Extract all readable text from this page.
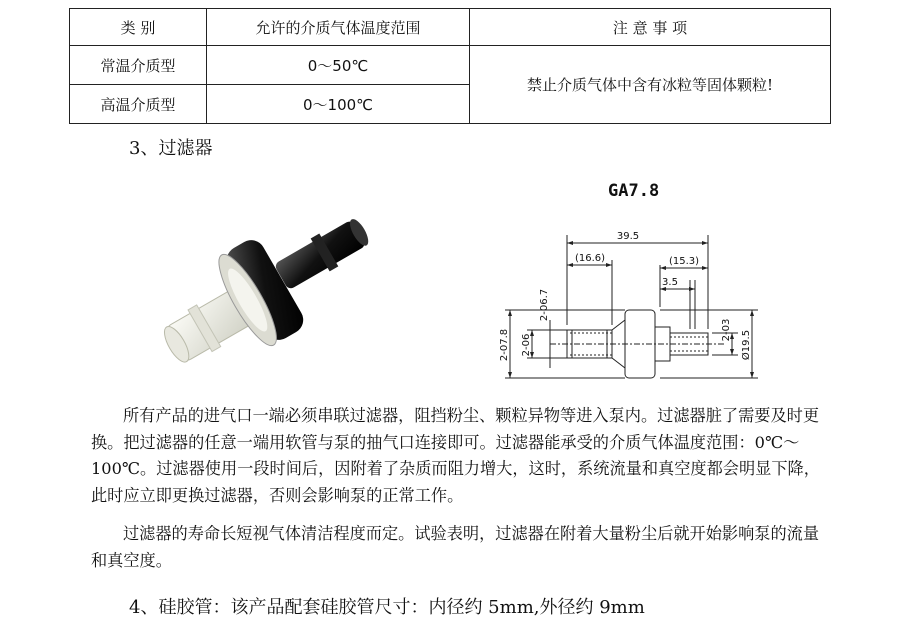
类 别	允许的介质气体温度范围	注 意 事 项
常温介质型	0～50℃	禁止介质气体中含有冰粒等固体颗粒!
高温介质型	0～100℃	
3、过滤器
GA7.8
39.5
(16.6)	(15.3)
3.5
2-07.8 2-06
2-06.7
2-03 Ø19.5
所有产品的进气口一端必须串联过滤器，阻挡粉尘、颗粒异物等进入泵内。过滤器脏了需要及时更换。把过滤器的任意一端用软管与泵的抽气口连接即可。过滤器能承受的介质气体温度范围：0℃～100℃。过滤器使用一段时间后，因附着了杂质而阻力增大，这时，系统流量和真空度都会明显下降，此时应立即更换过滤器，否则会影响泵的正常工作。
过滤器的寿命长短视气体清洁程度而定。试验表明，过滤器在附着大量粉尘后就开始影响泵的流量和真空度。
4、硅胶管：该产品配套硅胶管尺寸：内径约 5mm,外径约 9mm
